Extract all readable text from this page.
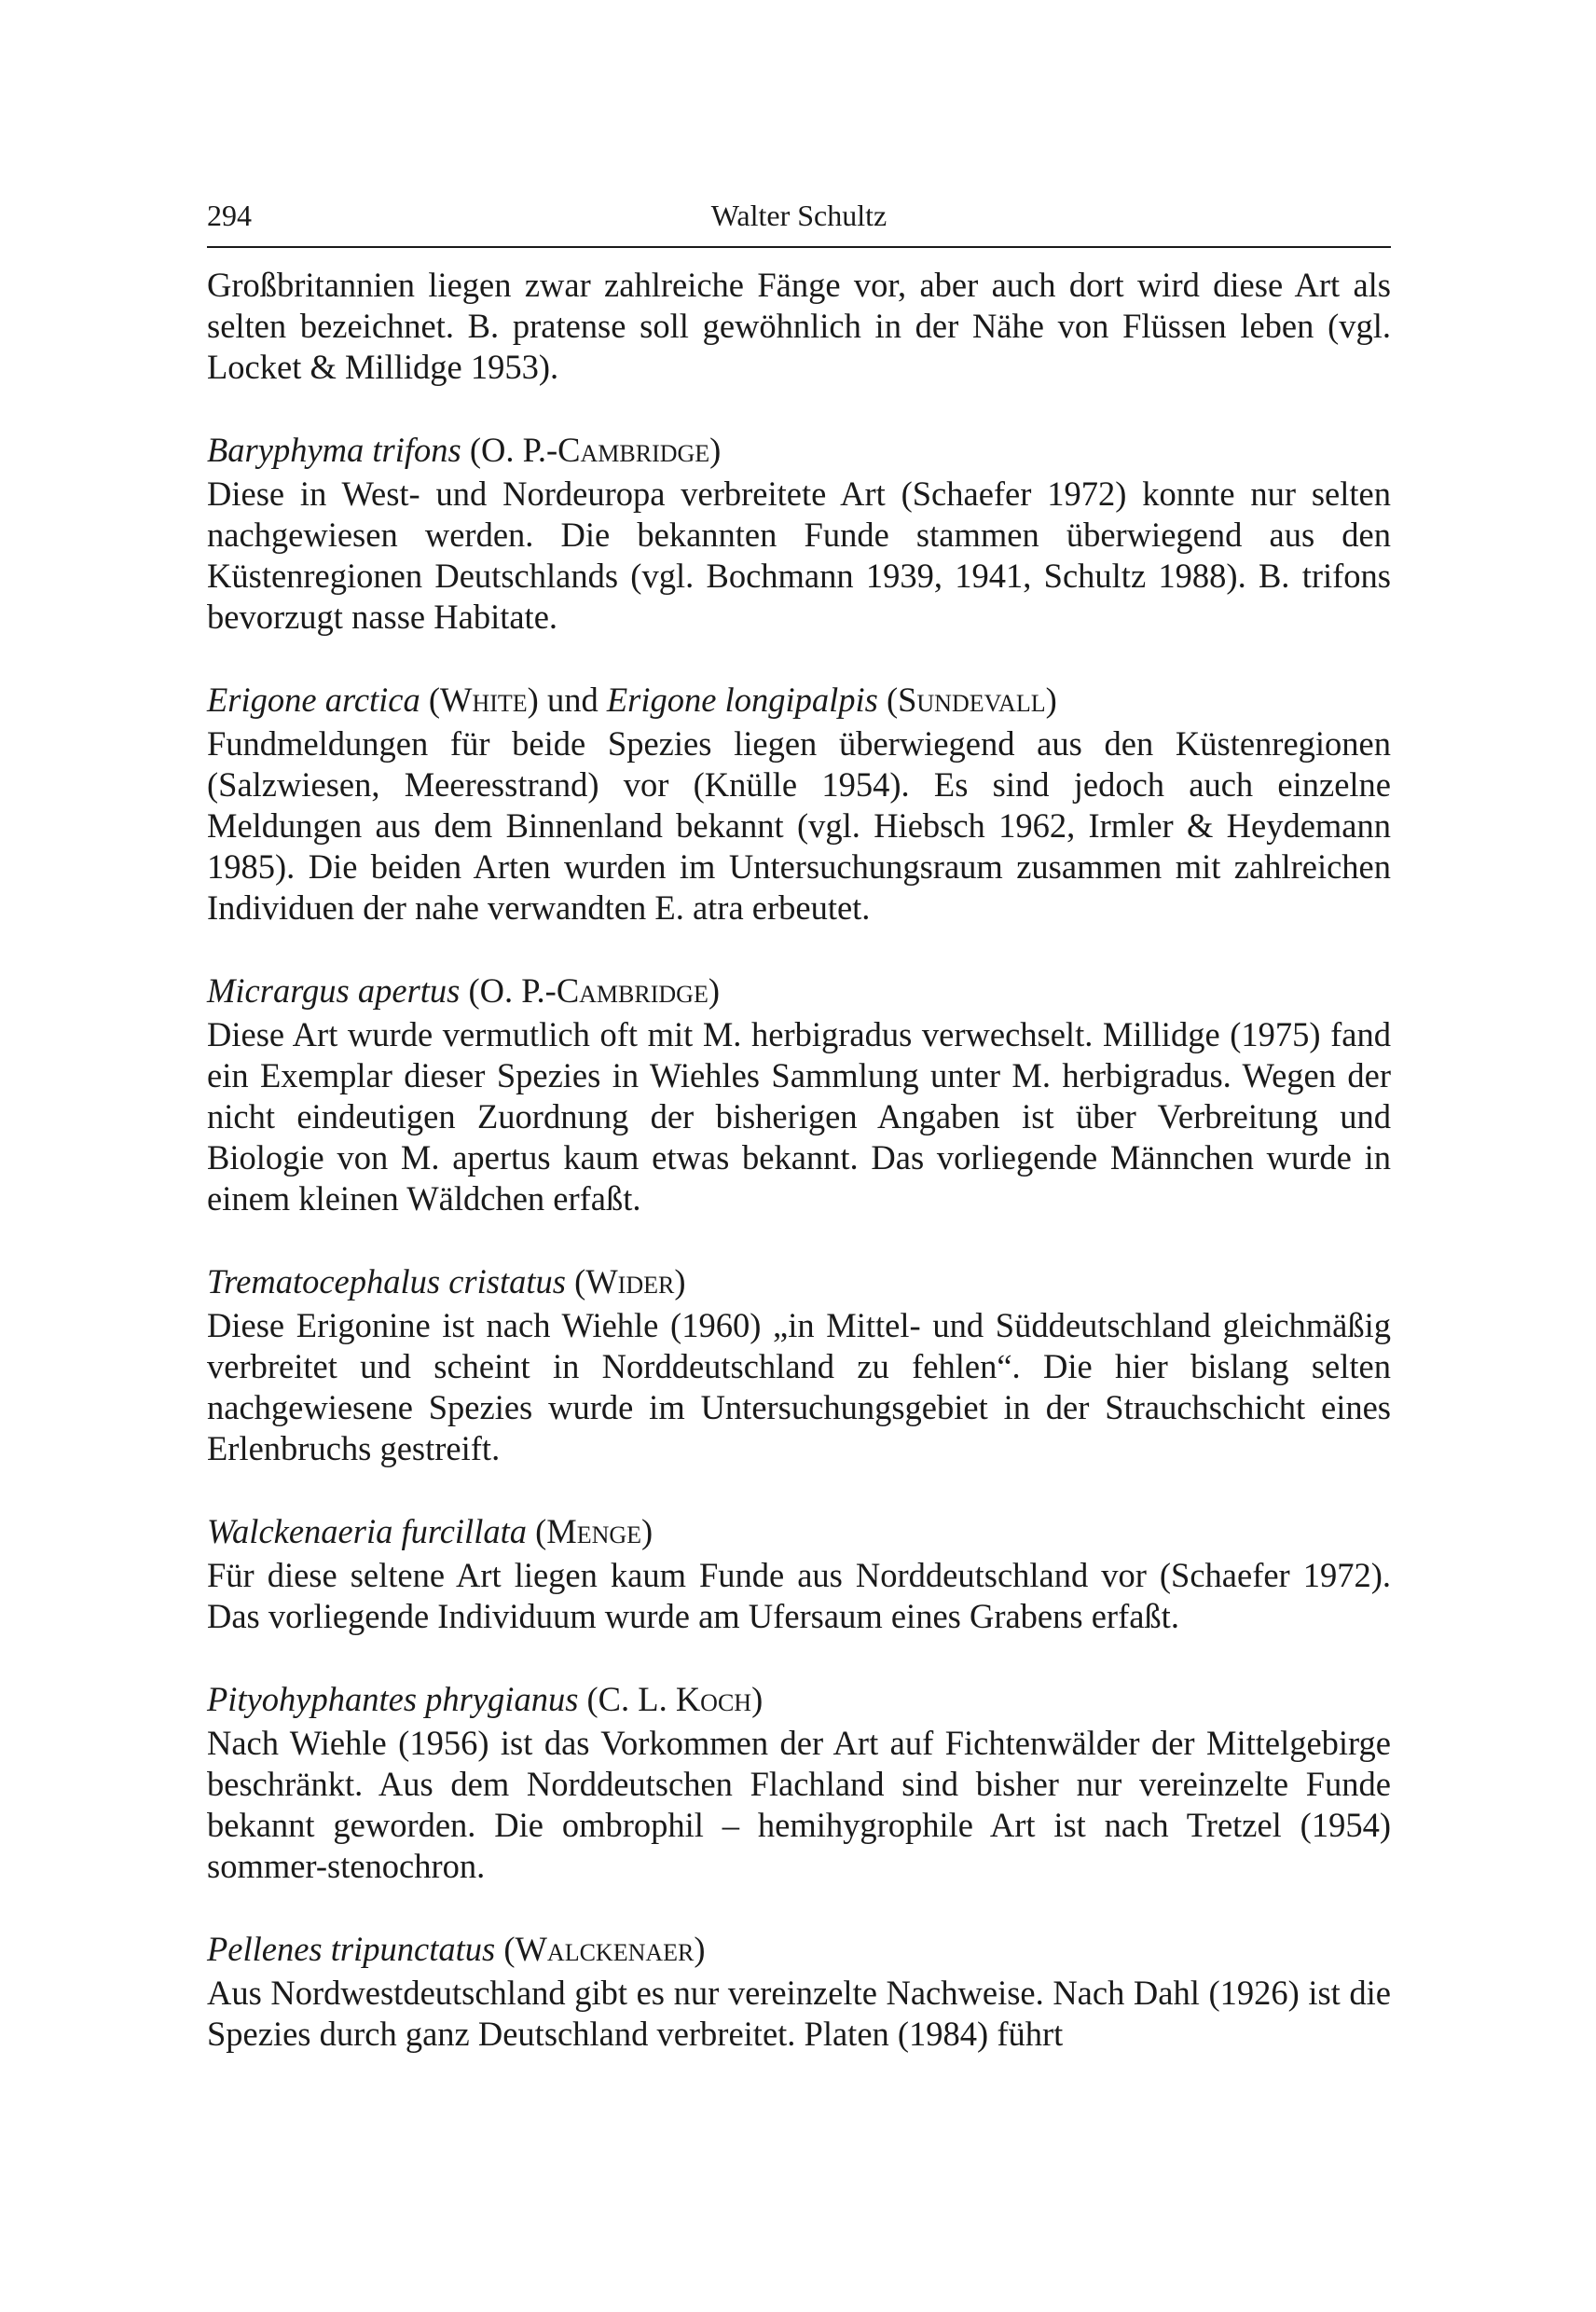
294	Walter Schultz

Großbritannien liegen zwar zahlreiche Fänge vor, aber auch dort wird diese Art als selten bezeichnet. B. pratense soll gewöhnlich in der Nähe von Flüssen leben (vgl. Locket & Millidge 1953).

Baryphyma trifons (O. P.-Cambridge)

Diese in West- und Nordeuropa verbreitete Art (Schaefer 1972) konnte nur selten nachgewiesen werden. Die bekannten Funde stammen überwiegend aus den Küstenregionen Deutschlands (vgl. Bochmann 1939, 1941, Schultz 1988). B. trifons bevorzugt nasse Habitate.

Erigone arctica (White) und Erigone longipalpis (Sundevall)

Fundmeldungen für beide Spezies liegen überwiegend aus den Küstenregionen (Salzwiesen, Meeresstrand) vor (Knülle 1954). Es sind jedoch auch einzelne Meldungen aus dem Binnenland bekannt (vgl. Hiebsch 1962, Irmler & Heydemann 1985). Die beiden Arten wurden im Untersuchungsraum zusammen mit zahlreichen Individuen der nahe verwandten E. atra erbeutet.

Micrargus apertus (O. P.-Cambridge)

Diese Art wurde vermutlich oft mit M. herbigradus verwechselt. Millidge (1975) fand ein Exemplar dieser Spezies in Wiehles Sammlung unter M. herbigradus. Wegen der nicht eindeutigen Zuordnung der bisherigen Angaben ist über Verbreitung und Biologie von M. apertus kaum etwas bekannt. Das vorliegende Männchen wurde in einem kleinen Wäldchen erfaßt.

Trematocephalus cristatus (Wider)

Diese Erigonine ist nach Wiehle (1960) „in Mittel- und Süddeutschland gleichmäßig verbreitet und scheint in Norddeutschland zu fehlen“. Die hier bislang selten nachgewiesene Spezies wurde im Untersuchungsgebiet in der Strauchschicht eines Erlenbruchs gestreift.

Walckenaeria furcillata (Menge)

Für diese seltene Art liegen kaum Funde aus Norddeutschland vor (Schaefer 1972). Das vorliegende Individuum wurde am Ufersaum eines Grabens erfaßt.

Pityohyphantes phrygianus (C. L. Koch)

Nach Wiehle (1956) ist das Vorkommen der Art auf Fichtenwälder der Mittelgebirge beschränkt. Aus dem Norddeutschen Flachland sind bisher nur vereinzelte Funde bekannt geworden. Die ombrophil – hemihygrophile Art ist nach Tretzel (1954) sommer-stenochron.

Pellenes tripunctatus (Walckenaer)

Aus Nordwestdeutschland gibt es nur vereinzelte Nachweise. Nach Dahl (1926) ist die Spezies durch ganz Deutschland verbreitet. Platen (1984) führt
